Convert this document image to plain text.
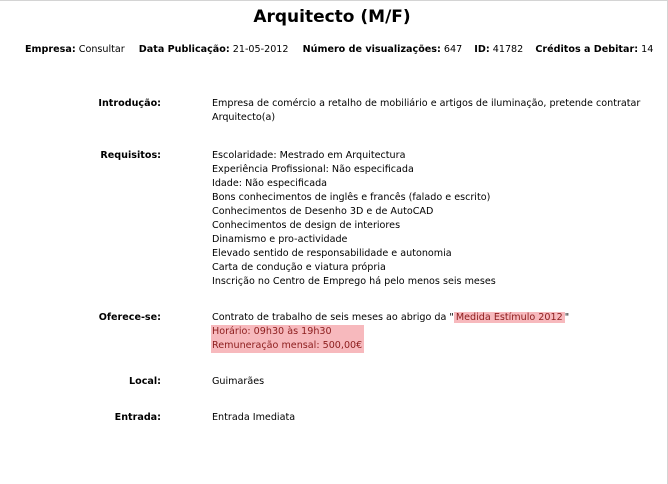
Arquitecto (M/F)
Empresa: Consultar Data Publicação: 21-05-2012 Número de visualizações: 647 ID: 41782 Créditos a Debitar: 14
Introdução:	Empresa de comércio a retalho de mobiliário e artigos de iluminação, pretende contratar Arquitecto(a)
Requisitos:	Escolaridade: Mestrado em Arquitectura
Experiência Profissional: Não especificada
Idade: Não especificada
Bons conhecimentos de inglês e francês (falado e escrito)
Conhecimentos de Desenho 3D e de AutoCAD
Conhecimentos de design de interiores
Dinamismo e pro-actividade
Elevado sentido de responsabilidade e autonomia
Carta de condução e viatura própria
Inscrição no Centro de Emprego há pelo menos seis meses
Oferece-se:	Contrato de trabalho de seis meses ao abrigo da " Medida Estímulo 2012 "
Horário: 09h30 às 19h30
Remuneração mensal: 500,00€
Local:	Guimarães
Entrada:	Entrada Imediata
